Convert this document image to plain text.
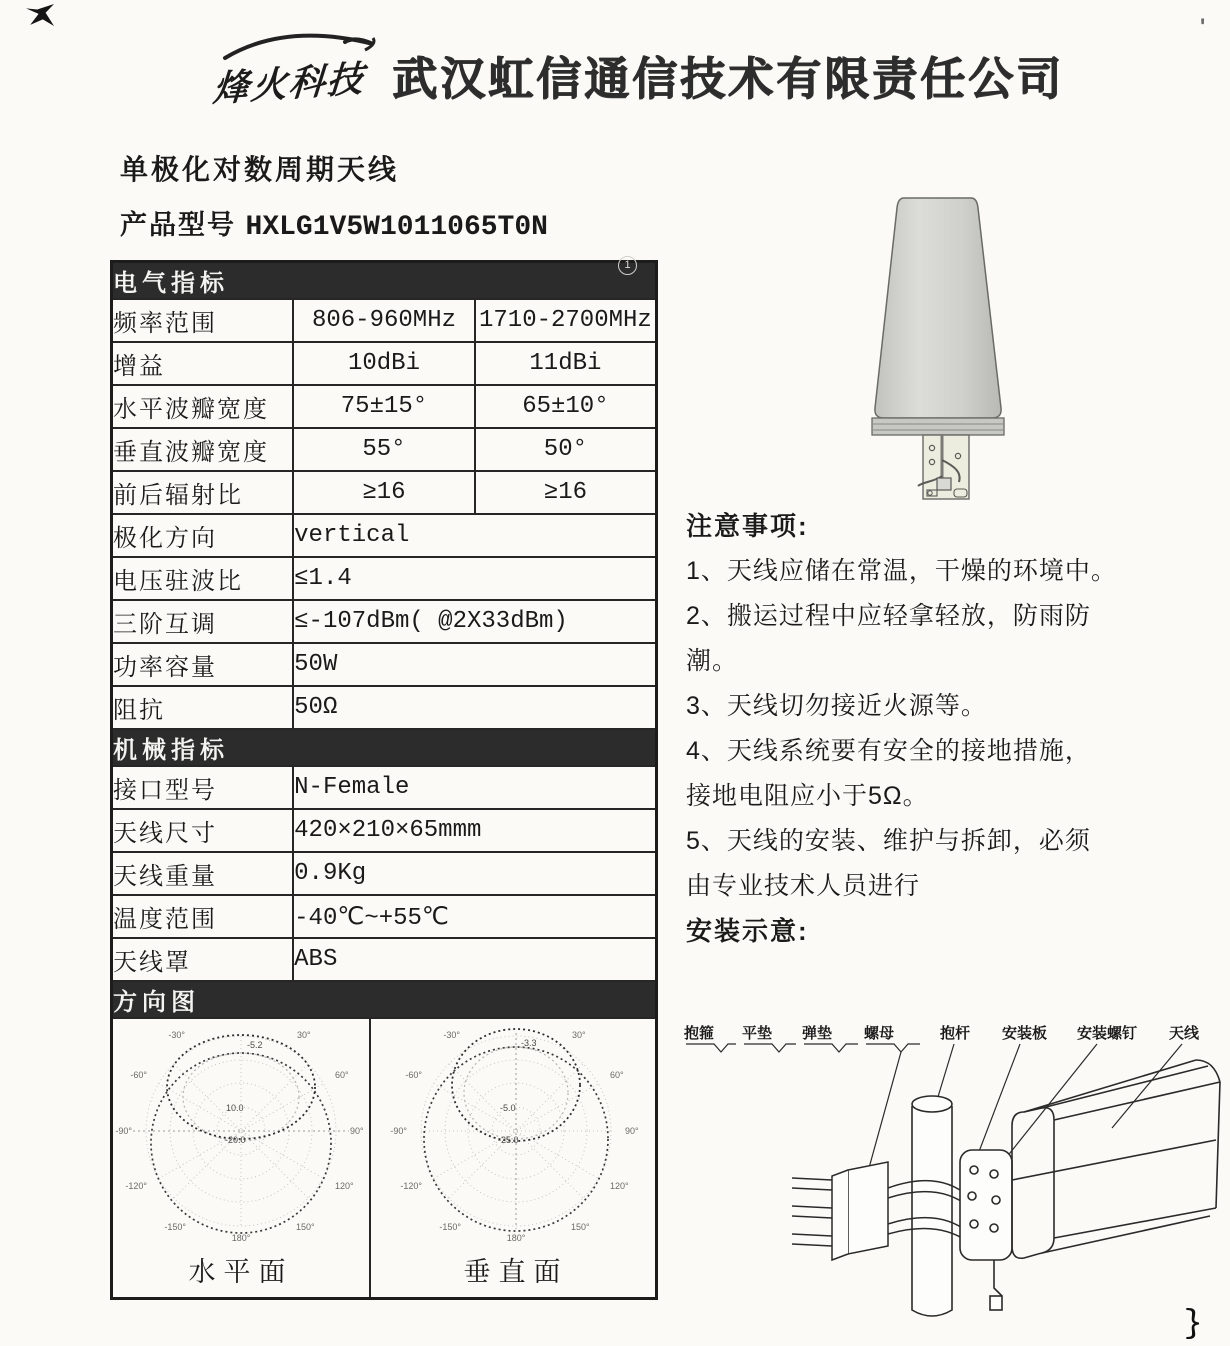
'
｝
1
烽火科技 武汉虹信通信技术有限责任公司
单极化对数周期天线
产品型号 HXLG1V5W1011065T0N
电气指标		
频率范围	806-960MHz	1710-2700MHz
增益	10dBi	11dBi
水平波瓣宽度	75±15°	65±10°
垂直波瓣宽度	55°	50°
前后辐射比	≥16	≥16
极化方向	vertical	
电压驻波比	≤1.4	
三阶互调	≤-107dBm( @2X33dBm)	
功率容量	50W	
阻抗	50Ω	
机械指标		
接口型号	N-Female	
天线尺寸	420×210×65mmm	
天线重量	0.9Kg	
温度范围	-40℃~+55℃	
天线罩	ABS	
方向图		

-30°	30°
-60°	60°
-90°	90°
-120°	120°
-150°	150°
180°
-5.2
10.0
-20.0
水平面
-30°	30°
-60°	60°
-90°	90°
-120°	120°
-150°	150°
180°
-3.3
-5.0
-25.0
垂直面
注意事项:
1、天线应储在常温，干燥的环境中。
2、搬运过程中应轻拿轻放，防雨防
潮。
3、天线切勿接近火源等。
4、天线系统要有安全的接地措施，
接地电阻应小于5Ω。
5、天线的安装、维护与拆卸，必须
由专业技术人员进行
安装示意:
抱箍 平垫 弹垫 螺母	抱杆 安装板 安装螺钉 天线
